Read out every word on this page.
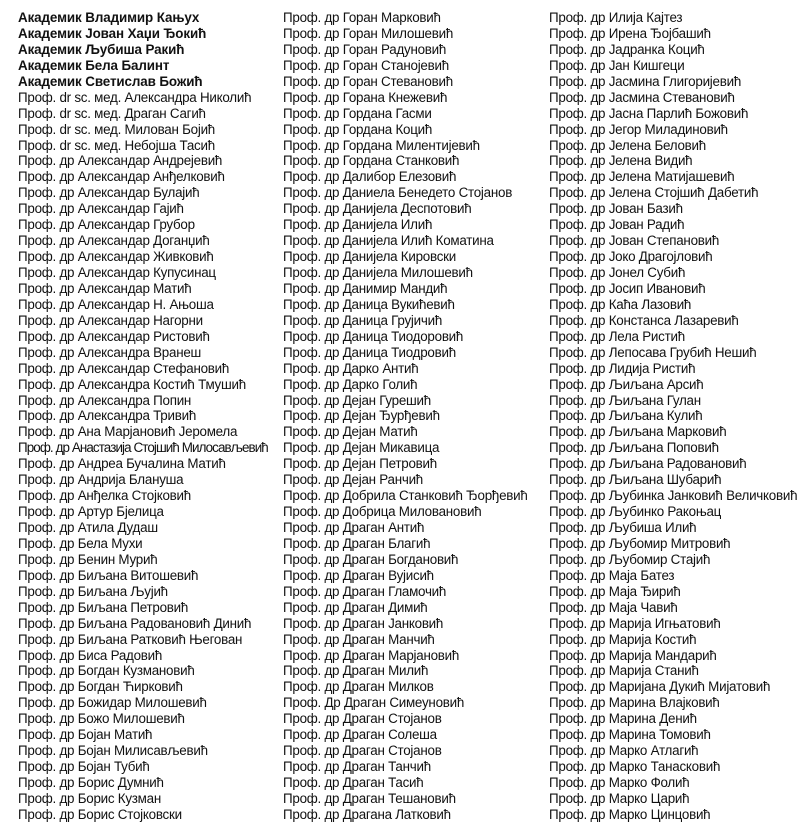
Академик Владимир Кањух
Академик Јован Хаџи Ђокић
Академик Љубиша Ракић
Академик Бела Балинт
Академик Светислав Божић
Проф. dr sc. мед. Александра Николић
Проф. dr sc. мед. Драган Сагић
Проф. dr sc. мед. Милован Бојић
Проф. dr sc. мед. Небојша Тасић
Проф. др Александар Андрејевић
Проф. др Александар Анђелковић
Проф. др Александар Булајић
Проф. др Александар Гајић
Проф. др Александар Грубор
Проф. др Александар Доганџић
Проф. др Александар Живковић
Проф. др Александар Купусинац
Проф. др Александар Матић
Проф. др Александар Н. Ањоша
Проф. др Александар Нагорни
Проф. др Александар Ристовић
Проф. др Александра Вранеш
Проф. др Александар Стефановић
Проф. др Александра Костић Тмушић
Проф. др Александра Попин
Проф. др Александра Тривић
Проф. др Ана Марјановић Јеромела
Проф. др Анастазија Стојшић Милосављевић
Проф. др Андреа Бучалина Матић
Проф. др Андрија Блануша
Проф. др Анђелка Стојковић
Проф. др Артур Бјелица
Проф. др Атила Дудаш
Проф. др Бела Мухи
Проф. др Бенин Мурић
Проф. др Биљана Витошевић
Проф. др Биљана Љујић
Проф. др Биљана Петровић
Проф. др Биљана Радовановић Динић
Проф. др Биљана Ратковић Његован
Проф. др Биса Радовић
Проф. др Богдан Кузмановић
Проф. др Богдан Ћирковић
Проф. др Божидар Милошевић
Проф. др Божо Милошевић
Проф. др Бојан Матић
Проф. др Бојан Милисављевић
Проф. др Бојан Тубић
Проф. др Борис Думнић
Проф. др Борис Кузман
Проф. др Борис Стојковски
Проф. др Горан Марковић
Проф. др Горан Милошевић
Проф. др Горан Радуновић
Проф. др Горан Станојевић
Проф. др Горан Стевановић
Проф. др Горана Кнежевић
Проф. др Гордана Гасми
Проф. др Гордана Коцић
Проф. др Гордана Милентијевић
Проф. др Гордана Станковић
Проф. др Далибор Елезовић
Проф. др Даниела Бенедето Стојанов
Проф. др Данијела Деспотовић
Проф. др Данијела Илић
Проф. др Данијела Илић Коматина
Проф. др Данијела Кировски
Проф. др Данијела Милошевић
Проф. др Данимир Мандић
Проф. др Даница Вукићевић
Проф. др Даница Грујичић
Проф. др Даница Тиодоровић
Проф. др Даница Тиодровић
Проф. др Дарко Антић
Проф. др Дарко Голић
Проф. др Дејан Гурешић
Проф. др Дејан Ђурђевић
Проф. др Дејан Матић
Проф. др Дејан Микавица
Проф. др Дејан Петровић
Проф. др Дејан Ранчић
Проф. др Добрила Станковић Ђорђевић
Проф. др Добрица Миловановић
Проф. др Драган Антић
Проф. др Драган Благић
Проф. др Драган Богдановић
Проф. др Драган Вујисић
Проф. др Драган Гламочић
Проф. др Драган Димић
Проф. др Драган Јанковић
Проф. др Драган Манчић
Проф. др Драган Марјановић
Проф. др Драган Милић
Проф. др Драган Милков
Проф. Др Драган Симеуновић
Проф. др Драган Стојанов
Проф. др Драган Солеша
Проф. др Драган Стојанов
Проф. др Драган Танчић
Проф. др Драган Тасић
Проф. др Драган Тешановић
Проф. др Драгана Латковић
Проф. др Илија Кајтез
Проф. др Ирена Ђојбашић
Проф. др Јадранка Коцић
Проф. др Јан Кишгеци
Проф. др Јасмина Глигоријевић
Проф. др Јасмина Стевановић
Проф. др Јасна Парлић Божовић
Проф. др Јегор Миладиновић
Проф. др Јелена Беловић
Проф. др Јелена Видић
Проф. др Јелена Матијашевић
Проф. др Јелена Стојшић Дабетић
Проф. др Јован Базић
Проф. др Јован Радић
Проф. др Јован Степановић
Проф. др Јоко Драгојловић
Проф. др Јонел Субић
Проф. др Јосип Ивановић
Проф. др Каћа Лазовић
Проф. др Констанса Лазаревић
Проф. др Лела Ристић
Проф. др Лепосава Грубић Нешић
Проф. др Лидија Ристић
Проф. др Љиљана Арсић
Проф. др Љиљана Гулан
Проф. др Љиљана Кулић
Проф. др Љиљана Марковић
Проф. др Љиљана Поповић
Проф. др Љиљана Радовановић
Проф. др Љиљана Шубарић
Проф. др Љубинка Јанковић Величковић
Проф. др Љубинко Ракоњац
Проф. др Љубиша Илић
Проф. др Љубомир Митровић
Проф. др Љубомир Стајић
Проф. др Маја Батез
Проф. др Маја Ђирић
Проф. др Маја Чавић
Проф. др Марија Игњатовић
Проф. др Марија Костић
Проф. др Марија Мандарић
Проф. др Марија Станић
Проф. др Маријана Дукић Мијатовић
Проф. др Марина Влајковић
Проф. др Марина Денић
Проф. др Марина Томовић
Проф. др Марко Атлагић
Проф. др Марко Танасковић
Проф. др Марко Фолић
Проф. др Марко Царић
Проф. др Марко Цинцовић
